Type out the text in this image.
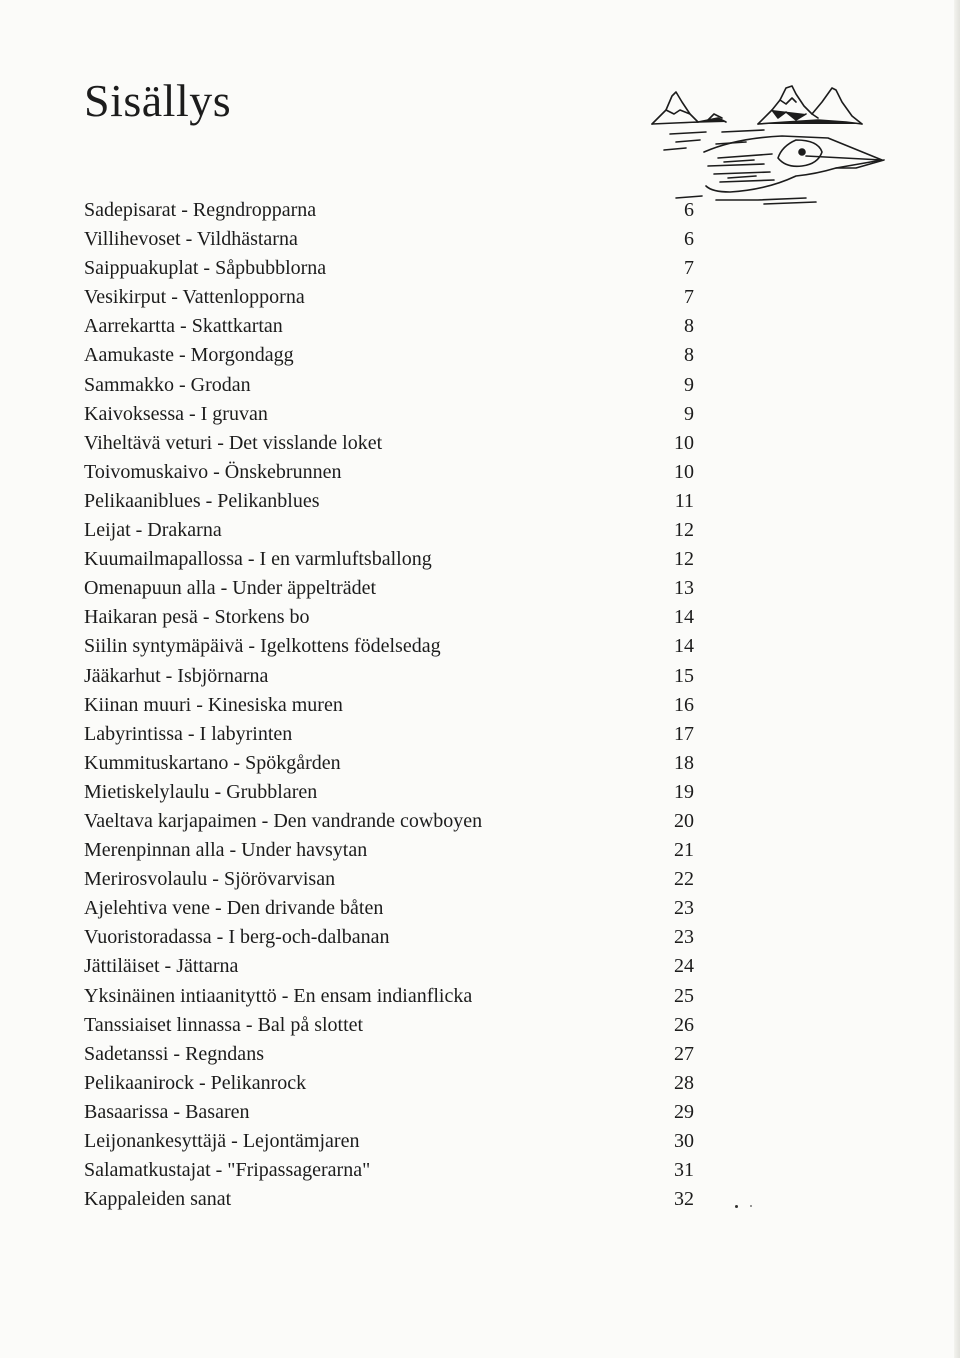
Sisällys
Sadepisarat - Regndropparna	6
Villihevoset - Vildhästarna	6
Saippuakuplat - Såpbubblorna	7
Vesikirput - Vattenlopporna	7
Aarrekartta - Skattkartan	8
Aamukaste - Morgondagg	8
Sammakko - Grodan	9
Kaivoksessa - I gruvan	9
Viheltävä veturi - Det visslande loket	10
Toivomuskaivo - Önskebrunnen	10
Pelikaaniblues - Pelikanblues	11
Leijat - Drakarna	12
Kuumailmapallossa - I en varmluftsballong	12
Omenapuun alla - Under äppelträdet	13
Haikaran pesä - Storkens bo	14
Siilin syntymäpäivä - Igelkottens födelsedag	14
Jääkarhut - Isbjörnarna	15
Kiinan muuri - Kinesiska muren	16
Labyrintissa - I labyrinten	17
Kummituskartano - Spökgården	18
Mietiskelylaulu - Grubblaren	19
Vaeltava karjapaimen - Den vandrande cowboyen	20
Merenpinnan alla - Under havsytan	21
Merirosvolaulu - Sjörövarvisan	22
Ajelehtiva vene - Den drivande båten	23
Vuoristoradassa - I berg-och-dalbanan	23
Jättiläiset - Jättarna	24
Yksinäinen intiaanityttö - En ensam indianflicka	25
Tanssiaiset linnassa - Bal på slottet	26
Sadetanssi - Regndans	27
Pelikaanirock - Pelikanrock	28
Basaarissa - Basaren	29
Leijonankesyttäjä - Lejontämjaren	30
Salamatkustajat - "Fripassagerarna"	31
Kappaleiden sanat	32
